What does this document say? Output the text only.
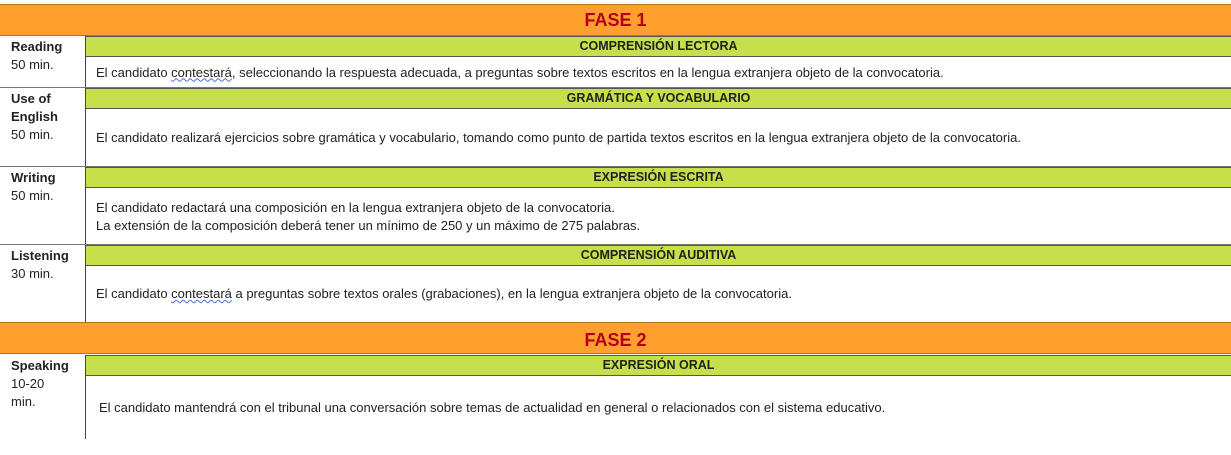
FASE 1
Reading
50 min.
COMPRENSIÓN LECTORA
El candidato contestará, seleccionando la respuesta adecuada, a preguntas sobre textos escritos en la lengua extranjera objeto de la convocatoria.
Use of
English
50 min.
GRAMÁTICA Y VOCABULARIO
El candidato realizará ejercicios sobre gramática y vocabulario, tomando como punto de partida textos escritos en la lengua extranjera objeto de la convocatoria.
Writing
50 min.
EXPRESIÓN ESCRITA
El candidato redactará una composición en la lengua extranjera objeto de la convocatoria.
La extensión de la composición deberá tener un mínimo de 250 y un máximo de 275 palabras.
Listening
30 min.
COMPRENSIÓN AUDITIVA
El candidato contestará a preguntas sobre textos orales (grabaciones), en la lengua extranjera objeto de la convocatoria.
FASE 2
Speaking
10-20
min.
EXPRESIÓN ORAL
El candidato mantendrá con el tribunal una conversación sobre temas de actualidad en general o relacionados con el sistema educativo.
